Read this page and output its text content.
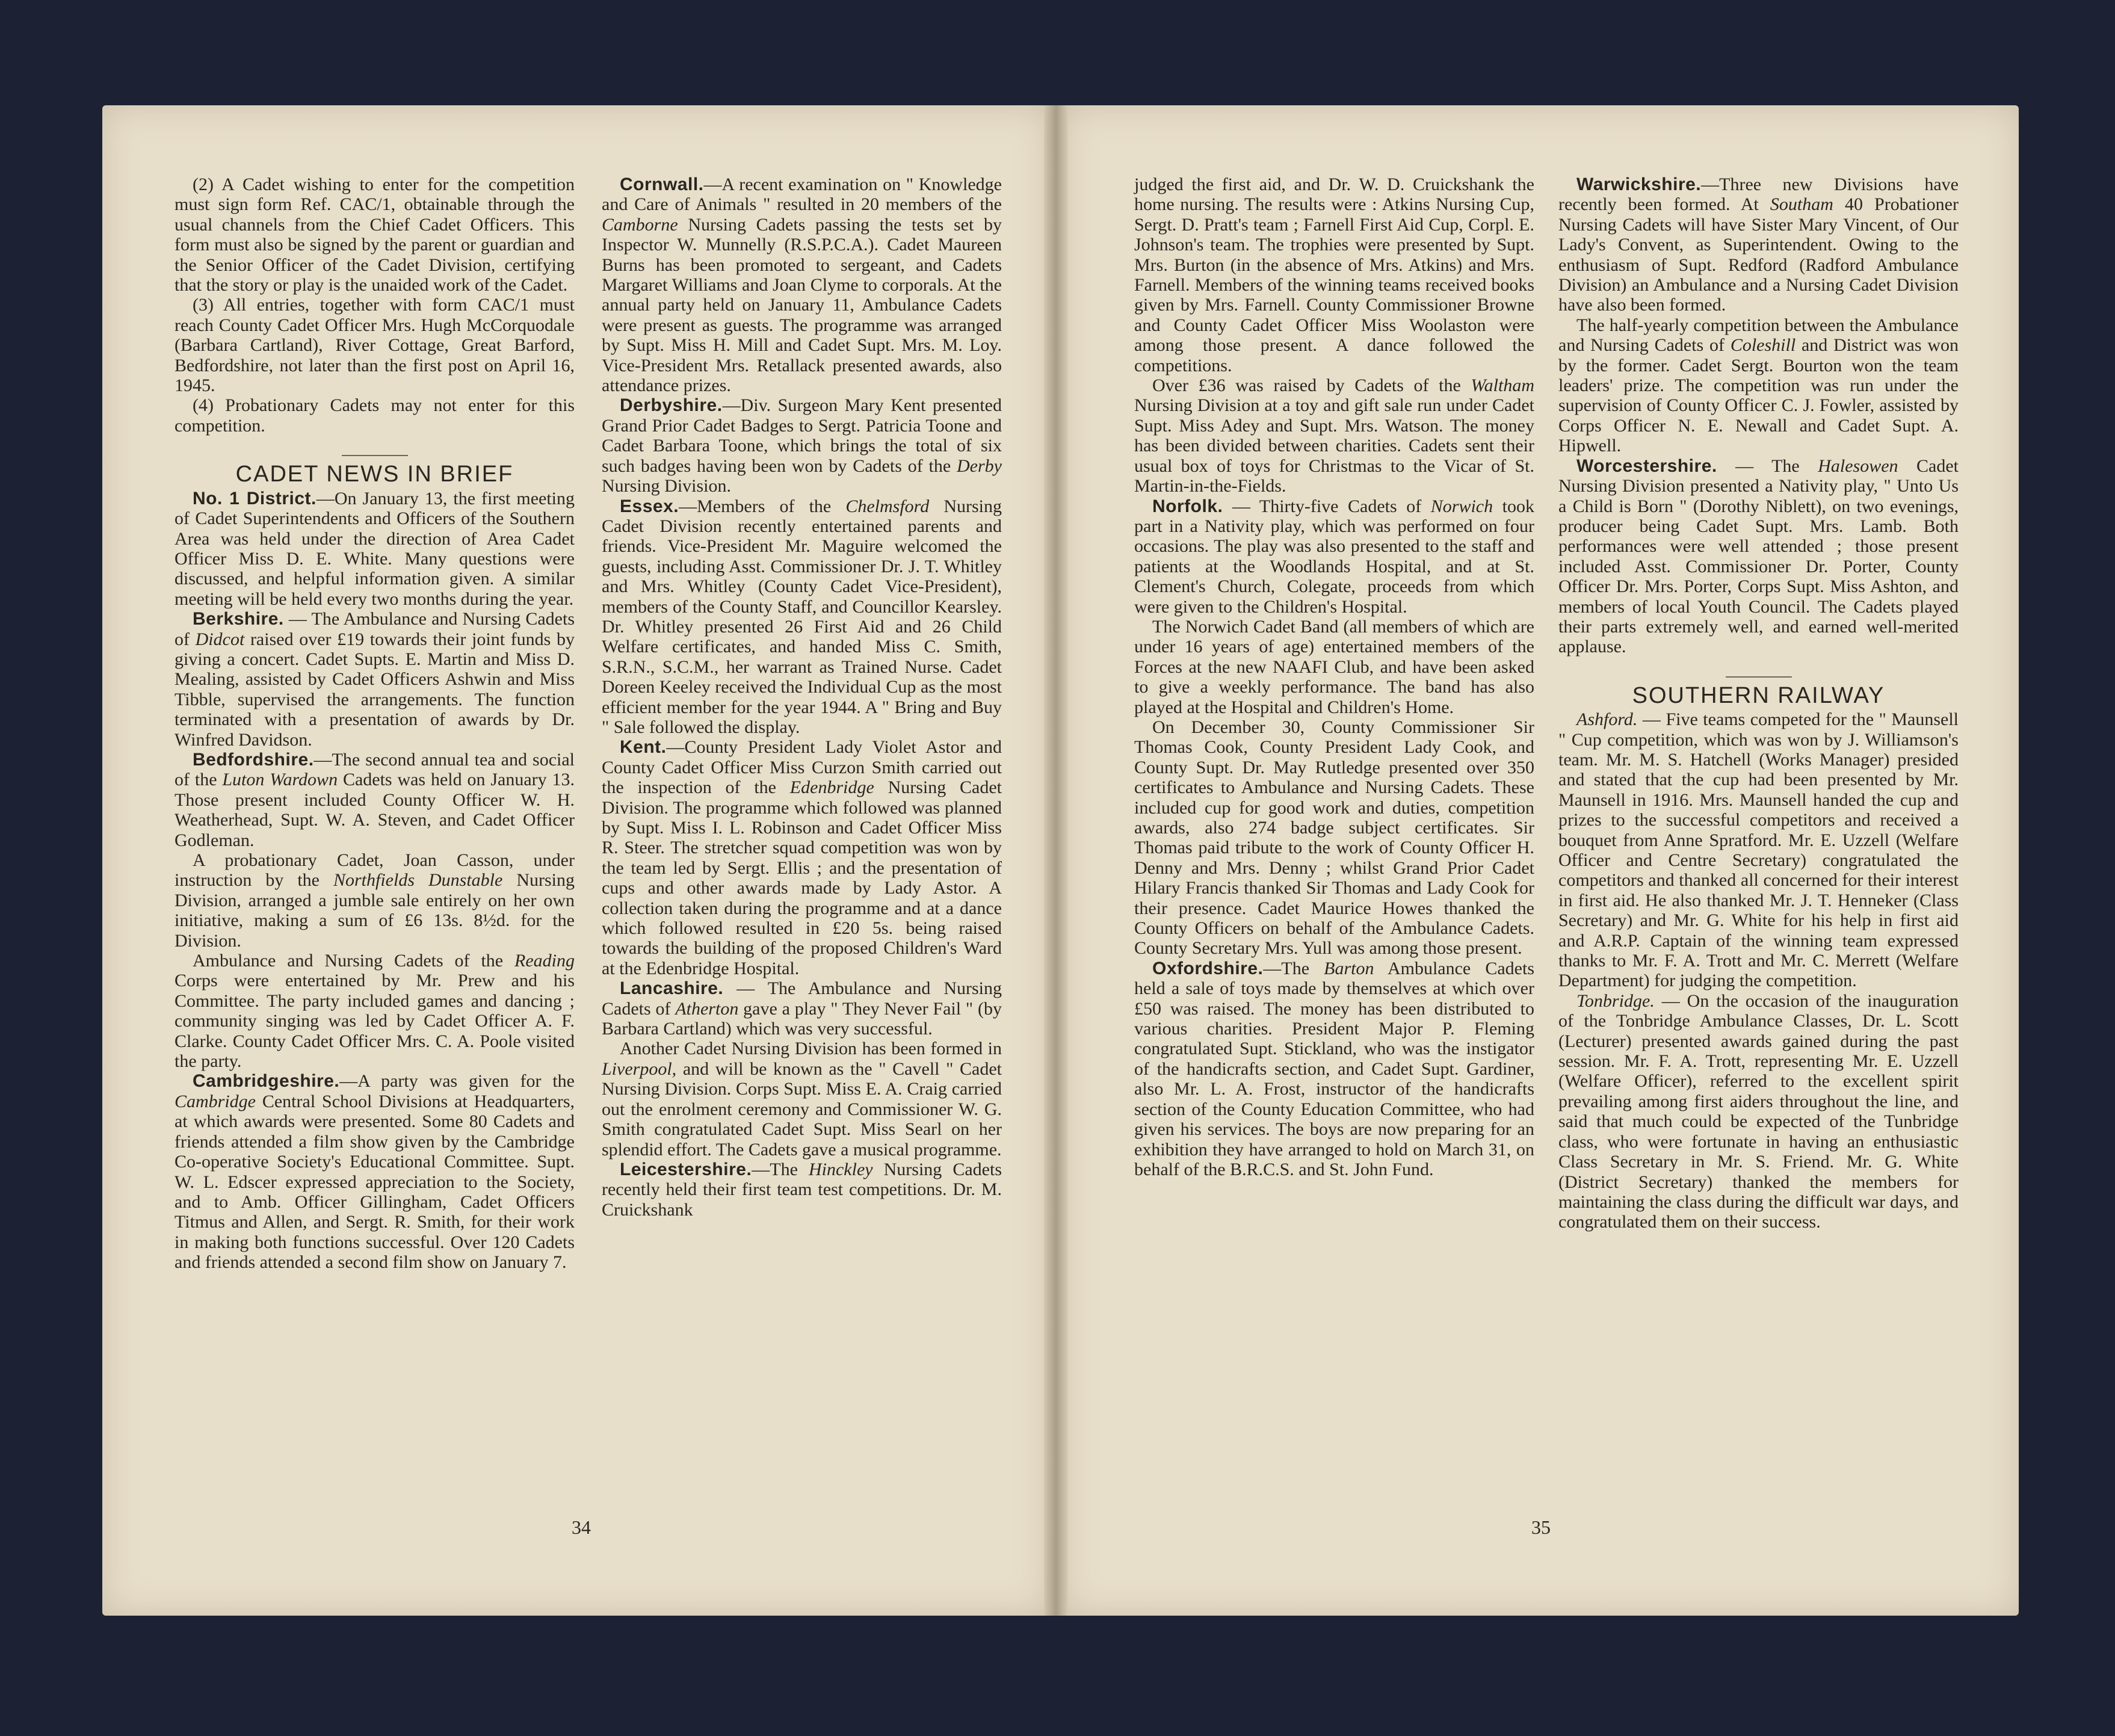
(2) A Cadet wishing to enter for the competition must sign form Ref. CAC/1, obtainable through the usual channels from the Chief Cadet Officers. This form must also be signed by the parent or guardian and the Senior Officer of the Cadet Division, certifying that the story or play is the unaided work of the Cadet.

(3) All entries, together with form CAC/1 must reach County Cadet Officer Mrs. Hugh McCorquodale (Barbara Cartland), River Cottage, Great Barford, Bedfordshire, not later than the first post on April 16, 1945.

(4) Probationary Cadets may not enter for this competition.

CADET NEWS IN BRIEF

No. 1 District.—On January 13, the first meeting of Cadet Superintendents and Officers of the Southern Area was held under the direction of Area Cadet Officer Miss D. E. White. Many questions were discussed, and helpful information given. A similar meeting will be held every two months during the year.

Berkshire. — The Ambulance and Nursing Cadets of Didcot raised over £19 towards their joint funds by giving a concert. Cadet Supts. E. Martin and Miss D. Mealing, assisted by Cadet Officers Ashwin and Miss Tibble, supervised the arrangements. The function terminated with a presentation of awards by Dr. Winfred Davidson.

Bedfordshire.—The second annual tea and social of the Luton Wardown Cadets was held on January 13. Those present included County Officer W. H. Weatherhead, Supt. W. A. Steven, and Cadet Officer Godleman.

A probationary Cadet, Joan Casson, under instruction by the Northfields Dunstable Nursing Division, arranged a jumble sale entirely on her own initiative, making a sum of £6 13s. 8½d. for the Division.

Ambulance and Nursing Cadets of the Reading Corps were entertained by Mr. Prew and his Committee. The party included games and dancing ; community singing was led by Cadet Officer A. F. Clarke. County Cadet Officer Mrs. C. A. Poole visited the party.

Cambridgeshire.—A party was given for the Cambridge Central School Divisions at Headquarters, at which awards were presented. Some 80 Cadets and friends attended a film show given by the Cambridge Co-operative Society's Educational Committee. Supt. W. L. Edscer expressed appreciation to the Society, and to Amb. Officer Gillingham, Cadet Officers Titmus and Allen, and Sergt. R. Smith, for their work in making both functions successful. Over 120 Cadets and friends attended a second film show on January 7.

Cornwall.—A recent examination on " Knowledge and Care of Animals " resulted in 20 members of the Camborne Nursing Cadets passing the tests set by Inspector W. Munnelly (R.S.P.C.A.). Cadet Maureen Burns has been promoted to sergeant, and Cadets Margaret Williams and Joan Clyme to corporals. At the annual party held on January 11, Ambulance Cadets were present as guests. The programme was arranged by Supt. Miss H. Mill and Cadet Supt. Mrs. M. Loy. Vice-President Mrs. Retallack presented awards, also attendance prizes.

Derbyshire.—Div. Surgeon Mary Kent presented Grand Prior Cadet Badges to Sergt. Patricia Toone and Cadet Barbara Toone, which brings the total of six such badges having been won by Cadets of the Derby Nursing Division.

Essex.—Members of the Chelmsford Nursing Cadet Division recently entertained parents and friends. Vice-President Mr. Maguire welcomed the guests, including Asst. Commissioner Dr. J. T. Whitley and Mrs. Whitley (County Cadet Vice-President), members of the County Staff, and Councillor Kearsley. Dr. Whitley presented 26 First Aid and 26 Child Welfare certificates, and handed Miss C. Smith, S.R.N., S.C.M., her warrant as Trained Nurse. Cadet Doreen Keeley received the Individual Cup as the most efficient member for the year 1944. A " Bring and Buy " Sale followed the display.

Kent.—County President Lady Violet Astor and County Cadet Officer Miss Curzon Smith carried out the inspection of the Edenbridge Nursing Cadet Division. The programme which followed was planned by Supt. Miss I. L. Robinson and Cadet Officer Miss R. Steer. The stretcher squad competition was won by the team led by Sergt. Ellis ; and the presentation of cups and other awards made by Lady Astor. A collection taken during the programme and at a dance which followed resulted in £20 5s. being raised towards the building of the proposed Children's Ward at the Edenbridge Hospital.

Lancashire. — The Ambulance and Nursing Cadets of Atherton gave a play " They Never Fail " (by Barbara Cartland) which was very successful.

Another Cadet Nursing Division has been formed in Liverpool, and will be known as the " Cavell " Cadet Nursing Division. Corps Supt. Miss E. A. Craig carried out the enrolment ceremony and Commissioner W. G. Smith congratulated Cadet Supt. Miss Searl on her splendid effort. The Cadets gave a musical programme.

Leicestershire.—The Hinckley Nursing Cadets recently held their first team test competitions. Dr. M. Cruickshank

34

judged the first aid, and Dr. W. D. Cruickshank the home nursing. The results were : Atkins Nursing Cup, Sergt. D. Pratt's team ; Farnell First Aid Cup, Corpl. E. Johnson's team. The trophies were presented by Supt. Mrs. Burton (in the absence of Mrs. Atkins) and Mrs. Farnell. Members of the winning teams received books given by Mrs. Farnell. County Commissioner Browne and County Cadet Officer Miss Woolaston were among those present. A dance followed the competitions.

Over £36 was raised by Cadets of the Waltham Nursing Division at a toy and gift sale run under Cadet Supt. Miss Adey and Supt. Mrs. Watson. The money has been divided between charities. Cadets sent their usual box of toys for Christmas to the Vicar of St. Martin-in-the-Fields.

Norfolk. — Thirty-five Cadets of Norwich took part in a Nativity play, which was performed on four occasions. The play was also presented to the staff and patients at the Woodlands Hospital, and at St. Clement's Church, Colegate, proceeds from which were given to the Children's Hospital.

The Norwich Cadet Band (all members of which are under 16 years of age) entertained members of the Forces at the new NAAFI Club, and have been asked to give a weekly performance. The band has also played at the Hospital and Children's Home.

On December 30, County Commissioner Sir Thomas Cook, County President Lady Cook, and County Supt. Dr. May Rutledge presented over 350 certificates to Ambulance and Nursing Cadets. These included cup for good work and duties, competition awards, also 274 badge subject certificates. Sir Thomas paid tribute to the work of County Officer H. Denny and Mrs. Denny ; whilst Grand Prior Cadet Hilary Francis thanked Sir Thomas and Lady Cook for their presence. Cadet Maurice Howes thanked the County Officers on behalf of the Ambulance Cadets. County Secretary Mrs. Yull was among those present.

Oxfordshire.—The Barton Ambulance Cadets held a sale of toys made by themselves at which over £50 was raised. The money has been distributed to various charities. President Major P. Fleming congratulated Supt. Stickland, who was the instigator of the handicrafts section, and Cadet Supt. Gardiner, also Mr. L. A. Frost, instructor of the handicrafts section of the County Education Committee, who had given his services. The boys are now preparing for an exhibition they have arranged to hold on March 31, on behalf of the B.R.C.S. and St. John Fund.

Warwickshire.—Three new Divisions have recently been formed. At Southam 40 Probationer Nursing Cadets will have Sister Mary Vincent, of Our Lady's Convent, as Superintendent. Owing to the enthusiasm of Supt. Redford (Radford Ambulance Division) an Ambulance and a Nursing Cadet Division have also been formed.

The half-yearly competition between the Ambulance and Nursing Cadets of Coleshill and District was won by the former. Cadet Sergt. Bourton won the team leaders' prize. The competition was run under the supervision of County Officer C. J. Fowler, assisted by Corps Officer N. E. Newall and Cadet Supt. A. Hipwell.

Worcestershire. — The Halesowen Cadet Nursing Division presented a Nativity play, " Unto Us a Child is Born " (Dorothy Niblett), on two evenings, producer being Cadet Supt. Mrs. Lamb. Both performances were well attended ; those present included Asst. Commissioner Dr. Porter, County Officer Dr. Mrs. Porter, Corps Supt. Miss Ashton, and members of local Youth Council. The Cadets played their parts extremely well, and earned well-merited applause.

SOUTHERN RAILWAY

Ashford. — Five teams competed for the " Maunsell " Cup competition, which was won by J. Williamson's team. Mr. M. S. Hatchell (Works Manager) presided and stated that the cup had been presented by Mr. Maunsell in 1916. Mrs. Maunsell handed the cup and prizes to the successful competitors and received a bouquet from Anne Spratford. Mr. E. Uzzell (Welfare Officer and Centre Secretary) congratulated the competitors and thanked all concerned for their interest in first aid. He also thanked Mr. J. T. Henneker (Class Secretary) and Mr. G. White for his help in first aid and A.R.P. Captain of the winning team expressed thanks to Mr. F. A. Trott and Mr. C. Merrett (Welfare Department) for judging the competition.

Tonbridge. — On the occasion of the inauguration of the Tonbridge Ambulance Classes, Dr. L. Scott (Lecturer) presented awards gained during the past session. Mr. F. A. Trott, representing Mr. E. Uzzell (Welfare Officer), referred to the excellent spirit prevailing among first aiders throughout the line, and said that much could be expected of the Tunbridge class, who were fortunate in having an enthusiastic Class Secretary in Mr. S. Friend. Mr. G. White (District Secretary) thanked the members for maintaining the class during the difficult war days, and congratulated them on their success.

35
